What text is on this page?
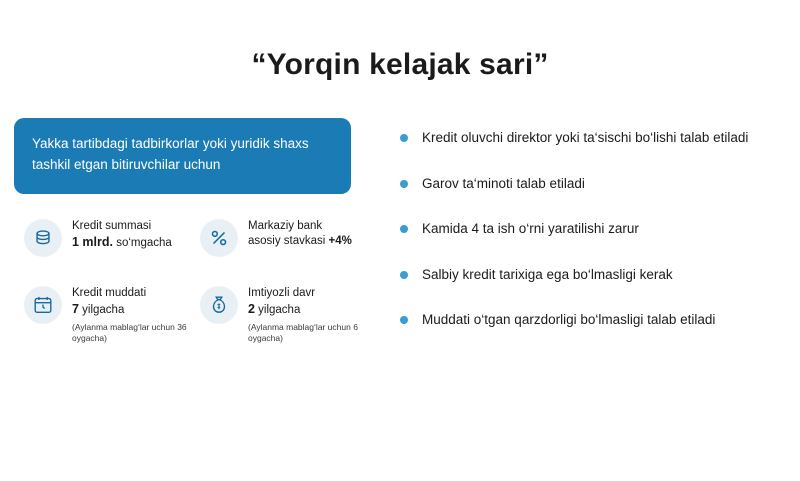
“Yorqin kelajak sari”
Yakka tartibdagi tadbirkorlar yoki yuridik shaxs tashkil etgan bitiruvchilar uchun
Kredit summasi
1 mlrd. so‘mgacha
Markaziy bank
asosiy stavkasi +4%
Kredit muddati
7 yilgacha
(Aylanma mablag‘lar uchun 36 oygacha)
Imtiyozli davr
2 yilgacha
(Aylanma mablag‘lar uchun 6 oygacha)
Kredit oluvchi direktor yoki ta‘sischi bo‘lishi talab etiladi
Garov ta‘minoti talab etiladi
Kamida 4 ta ish o‘rni yaratilishi zarur
Salbiy kredit tarixiga ega bo‘lmasligi kerak
Muddati o‘tgan qarzdorligi bo‘lmasligi talab etiladi
